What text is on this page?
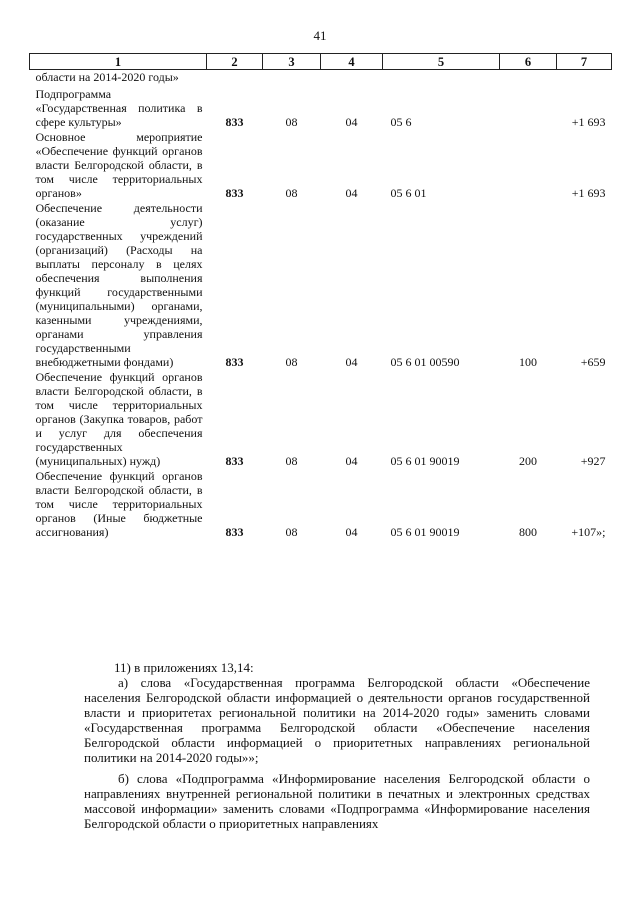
41
1	2	3	4	5	6	7
области на 2014-2020 годы»						
Подпрограмма «Государственная политика в сфере культуры»	833	08	04	05 6		+1 693
Основное мероприятие «Обеспечение функций органов власти Белгородской области, в том числе территориальных органов»	833	08	04	05 6 01		+1 693
Обеспечение деятельности (оказание услуг) государственных учреждений (организаций) (Расходы на выплаты персоналу в целях обеспечения выполнения функций государственными (муниципальными) органами, казенными учреждениями, органами управления государственными внебюджетными фондами)	833	08	04	05 6 01 00590	100	+659
Обеспечение функций органов власти Белгородской области, в том числе территориальных органов (Закупка товаров, работ и услуг для обеспечения государственных (муниципальных) нужд)	833	08	04	05 6 01 90019	200	+927
Обеспечение функций органов власти Белгородской области, в том числе территориальных органов (Иные бюджетные ассигнования)	833	08	04	05 6 01 90019	800	+107»;

11) в приложениях 13,14:

а) слова «Государственная программа Белгородской области «Обеспечение населения Белгородской области информацией о деятельности органов государственной власти и приоритетах региональной политики на 2014-2020 годы» заменить словами «Государственная программа Белгородской области «Обеспечение населения Белгородской области информацией о приоритетных направлениях региональной политики на 2014-2020 годы»»;

б) слова «Подпрограмма «Информирование населения Белгородской области о направлениях внутренней региональной политики в печатных и электронных средствах массовой информации» заменить словами «Подпрограмма «Информирование населения Белгородской области о приоритетных направлениях
